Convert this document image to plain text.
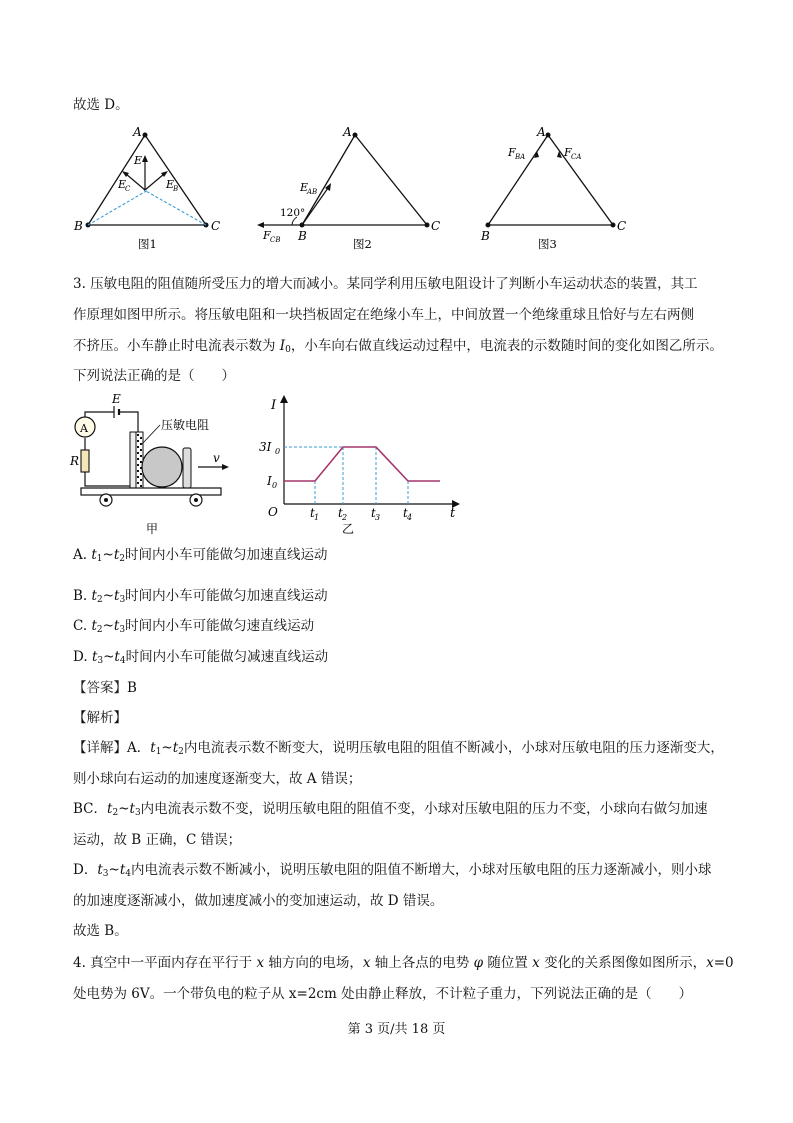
故选 D。
A
B	C
E
E
C	E
B
图1
A
B
C
E
AB
120°
F CB	图2
A
B
C
F BA	F CA
图3
3. 压敏电阻的阻值随所受压力的增大而减小。某同学利用压敏电阻设计了判断小车运动状态的装置，其工
作原理如图甲所示。将压敏电阻和一块挡板固定在绝缘小车上，中间放置一个绝缘重球且恰好与左右两侧
不挤压。小车静止时电流表示数为 $I_0$，小车向右做直线运动过程中，电流表的示数随时间的变化如图乙所示。
下列说法正确的是（　　）
E
A
R
压敏电阻
v
甲
I
t
O
3I 0
I 0
t 1 t 2 t 3 t 4
乙
A. $t_1\sim t_2$时间内小车可能做匀加速直线运动
B. $t_2\sim t_3$时间内小车可能做匀加速直线运动
C. $t_2\sim t_3$时间内小车可能做匀速直线运动
D. $t_3\sim t_4$时间内小车可能做匀减速直线运动
【答案】B
【解析】
【详解】A．$t_1\sim t_2$内电流表示数不断变大，说明压敏电阻的阻值不断减小，小球对压敏电阻的压力逐渐变大，
则小球向右运动的加速度逐渐变大，故 A 错误；
BC．$t_2\sim t_3$内电流表示数不变，说明压敏电阻的阻值不变，小球对压敏电阻的压力不变，小球向右做匀加速
运动，故 B 正确，C 错误；
D．$t_3\sim t_4$内电流表示数不断减小，说明压敏电阻的阻值不断增大，小球对压敏电阻的压力逐渐减小，则小球
的加速度逐渐减小，做加速度减小的变加速运动，故 D 错误。
故选 B。
4. 真空中一平面内存在平行于 x 轴方向的电场，x 轴上各点的电势 φ 随位置 x 变化的关系图像如图所示，x=0
处电势为 6V。一个带负电的粒子从 x=2cm 处由静止释放，不计粒子重力，下列说法正确的是（　　）
第 3 页/共 18 页
